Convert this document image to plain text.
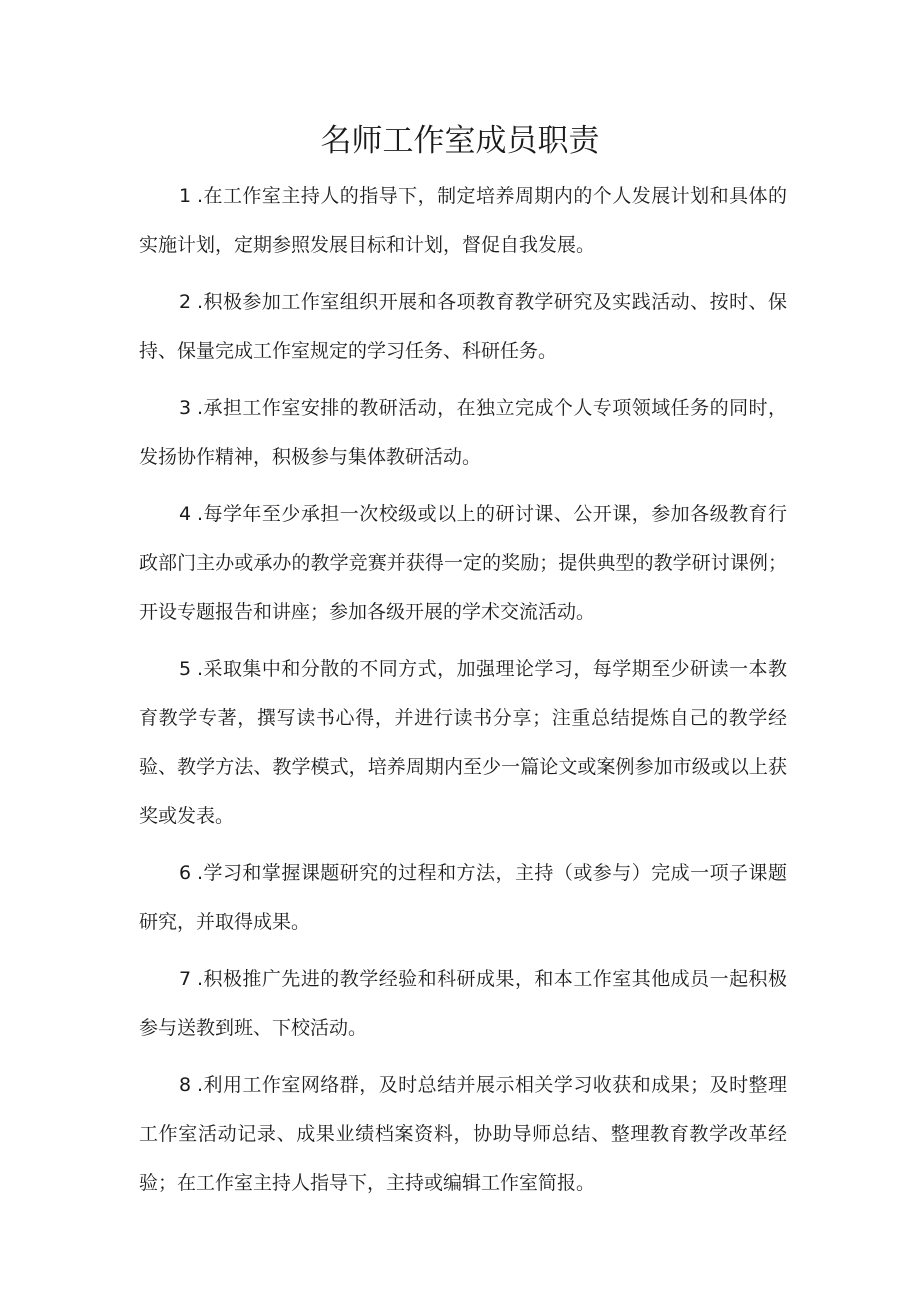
名师工作室成员职责

1 .在工作室主持人的指导下，制定培养周期内的个人发展计划和具体的实施计划，定期参照发展目标和计划，督促自我发展。

2 .积极参加工作室组织开展和各项教育教学研究及实践活动、按时、保持、保量完成工作室规定的学习任务、科研任务。

3 .承担工作室安排的教研活动，在独立完成个人专项领域任务的同时，发扬协作精神，积极参与集体教研活动。

4 .每学年至少承担一次校级或以上的研讨课、公开课，参加各级教育行政部门主办或承办的教学竞赛并获得一定的奖励；提供典型的教学研讨课例；开设专题报告和讲座；参加各级开展的学术交流活动。

5 .采取集中和分散的不同方式，加强理论学习，每学期至少研读一本教育教学专著，撰写读书心得，并进行读书分享；注重总结提炼自己的教学经验、教学方法、教学模式，培养周期内至少一篇论文或案例参加市级或以上获奖或发表。

6 .学习和掌握课题研究的过程和方法，主持（或参与）完成一项子课题研究，并取得成果。

7 .积极推广先进的教学经验和科研成果，和本工作室其他成员一起积极参与送教到班、下校活动。

8 .利用工作室网络群，及时总结并展示相关学习收获和成果；及时整理工作室活动记录、成果业绩档案资料，协助导师总结、整理教育教学改革经验；在工作室主持人指导下，主持或编辑工作室简报。
